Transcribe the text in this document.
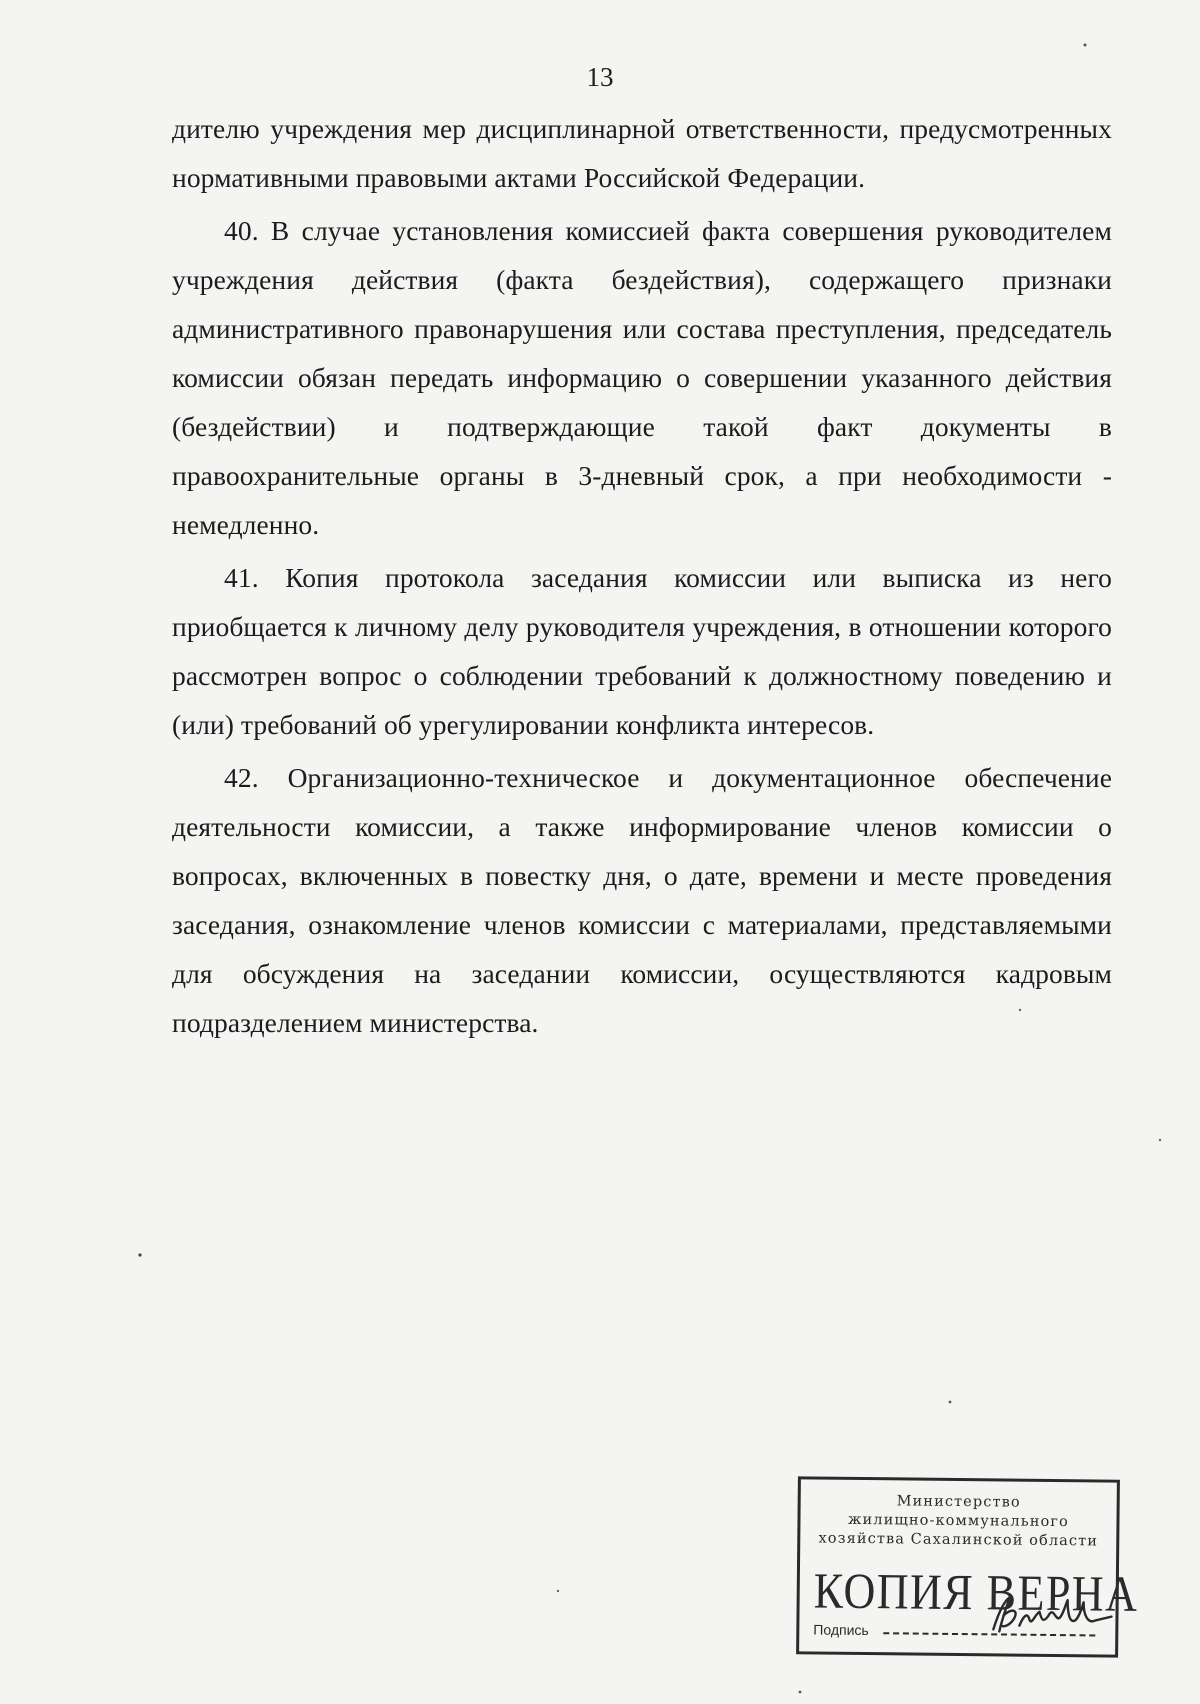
13

дителю учреждения мер дисциплинарной ответственности, предусмотренных нормативными правовыми актами Российской Федерации.

40. В случае установления комиссией факта совершения руководителем учреждения действия (факта бездействия), содержащего признаки административного правонарушения или состава преступления, председатель комиссии обязан передать информацию о совершении указанного действия (бездействии) и подтверждающие такой факт документы в правоохранительные органы в 3-дневный срок, а при необходимости - немедленно.

41. Копия протокола заседания комиссии или выписка из него приобщается к личному делу руководителя учреждения, в отношении которого рассмотрен вопрос о соблюдении требований к должностному поведению и (или) требований об урегулировании конфликта интересов.

42. Организационно-техническое и документационное обеспечение деятельности комиссии, а также информирование членов комиссии о вопросах, включенных в повестку дня, о дате, времени и месте проведения заседания, ознакомление членов комиссии с материалами, представляемыми для обсуждения на заседании комиссии, осуществляются кадровым подразделением министерства.

Министерство
жилищно-коммунального
хозяйства Сахалинской области
КОПИЯ ВЕРНА
Подпись
